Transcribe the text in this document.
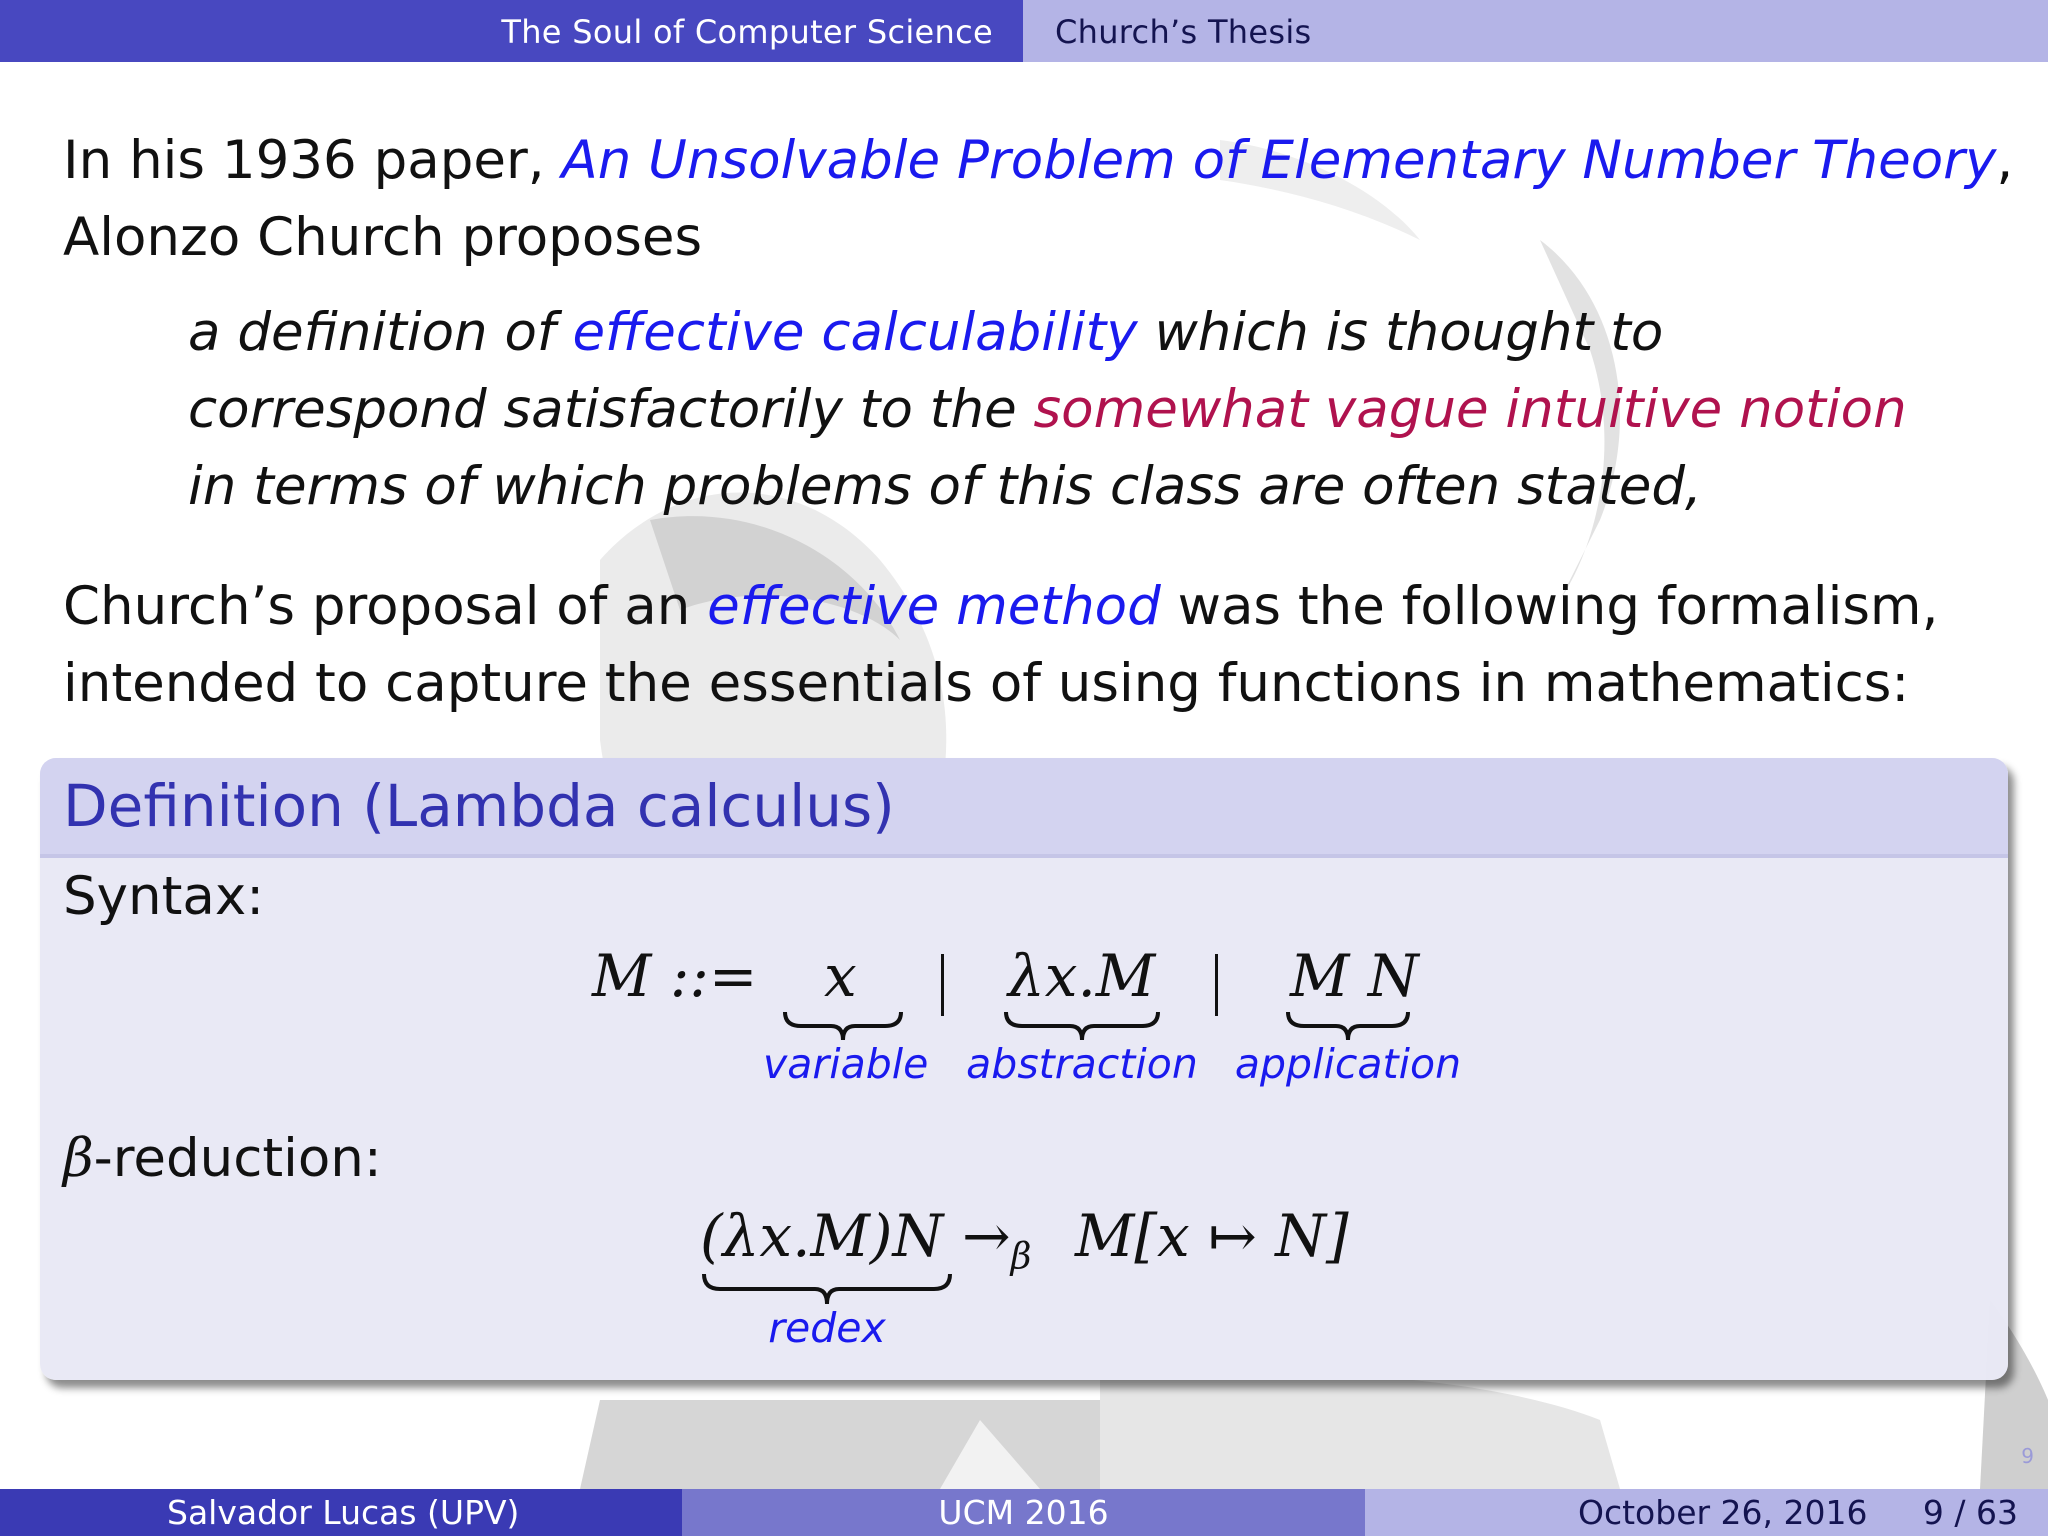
The Soul of Computer Science Church’s Thesis
In his 1936 paper, An Unsolvable Problem of Elementary Number Theory,
Alonzo Church proposes
a definition of effective calculability which is thought to
correspond satisfactorily to the somewhat vague intuitive notion
in terms of which problems of this class are often stated,
Church’s proposal of an effective method was the following formalism,
intended to capture the essentials of using functions in mathematics:
Definition (Lambda calculus)
Syntax:
M ::= x	λx.M M N
variable abstraction application
β-reduction:
$(\lambda x.M)N \to_\beta$ M[x ↦ N]
redex
9
Salvador Lucas (UPV)	UCM 2016	October 26, 2016 9 / 63
